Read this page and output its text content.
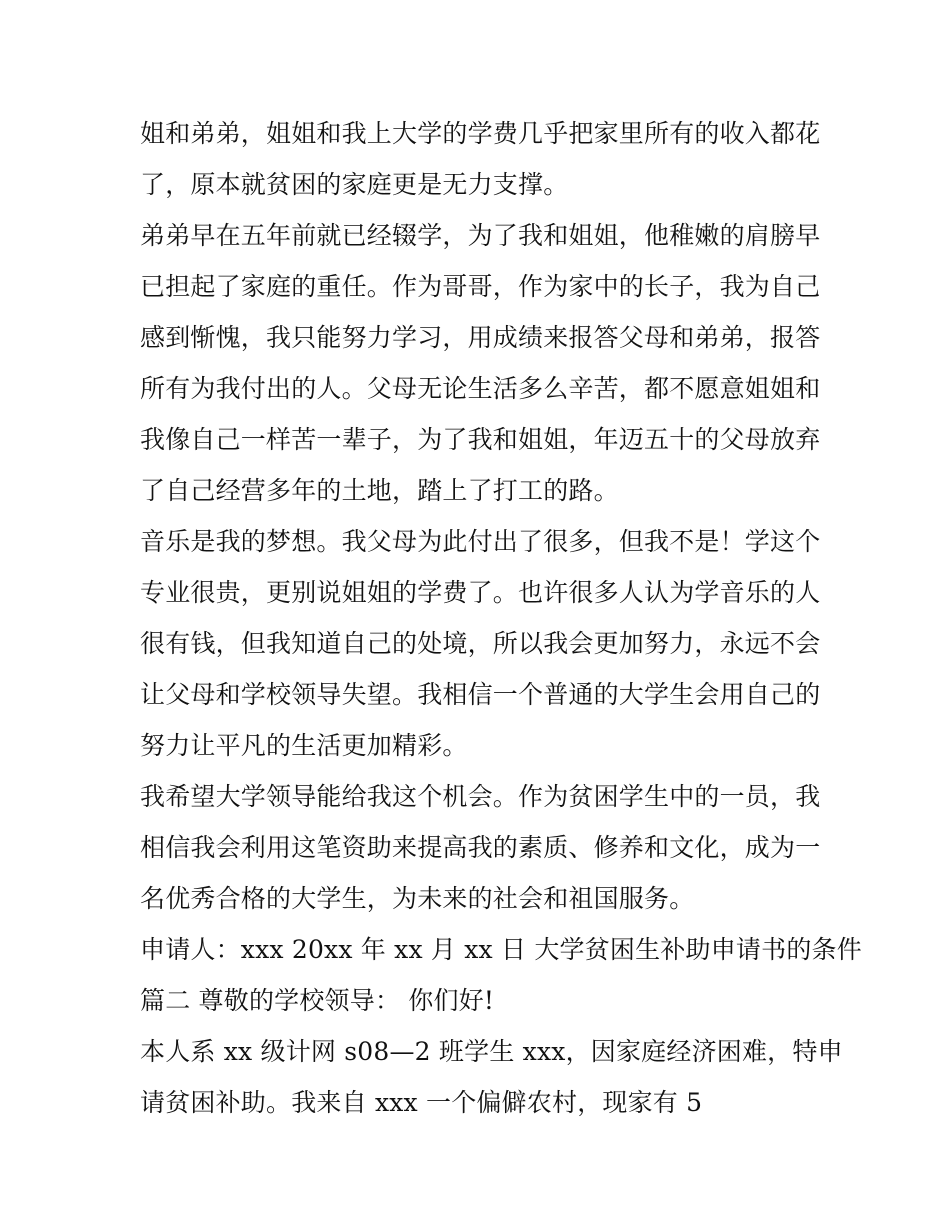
姐和弟弟，姐姐和我上大学的学费几乎把家里所有的收入都花
了，原本就贫困的家庭更是无力支撑。
弟弟早在五年前就已经辍学，为了我和姐姐，他稚嫩的肩膀早
已担起了家庭的重任。作为哥哥，作为家中的长子，我为自己
感到惭愧，我只能努力学习，用成绩来报答父母和弟弟，报答
所有为我付出的人。父母无论生活多么辛苦，都不愿意姐姐和
我像自己一样苦一辈子，为了我和姐姐，年迈五十的父母放弃
了自己经营多年的土地，踏上了打工的路。
音乐是我的梦想。我父母为此付出了很多，但我不是！学这个
专业很贵，更别说姐姐的学费了。也许很多人认为学音乐的人
很有钱，但我知道自己的处境，所以我会更加努力，永远不会
让父母和学校领导失望。我相信一个普通的大学生会用自己的
努力让平凡的生活更加精彩。
我希望大学领导能给我这个机会。作为贫困学生中的一员，我
相信我会利用这笔资助来提高我的素质、修养和文化，成为一
名优秀合格的大学生，为未来的社会和祖国服务。
申请人：xxx 20xx 年 xx 月 xx 日 大学贫困生补助申请书的条件
篇二 尊敬的学校领导： 你们好!
本人系 xx 级计网 s08—2 班学生 xxx，因家庭经济困难，特申
请贫困补助。我来自 xxx 一个偏僻农村，现家有 5
